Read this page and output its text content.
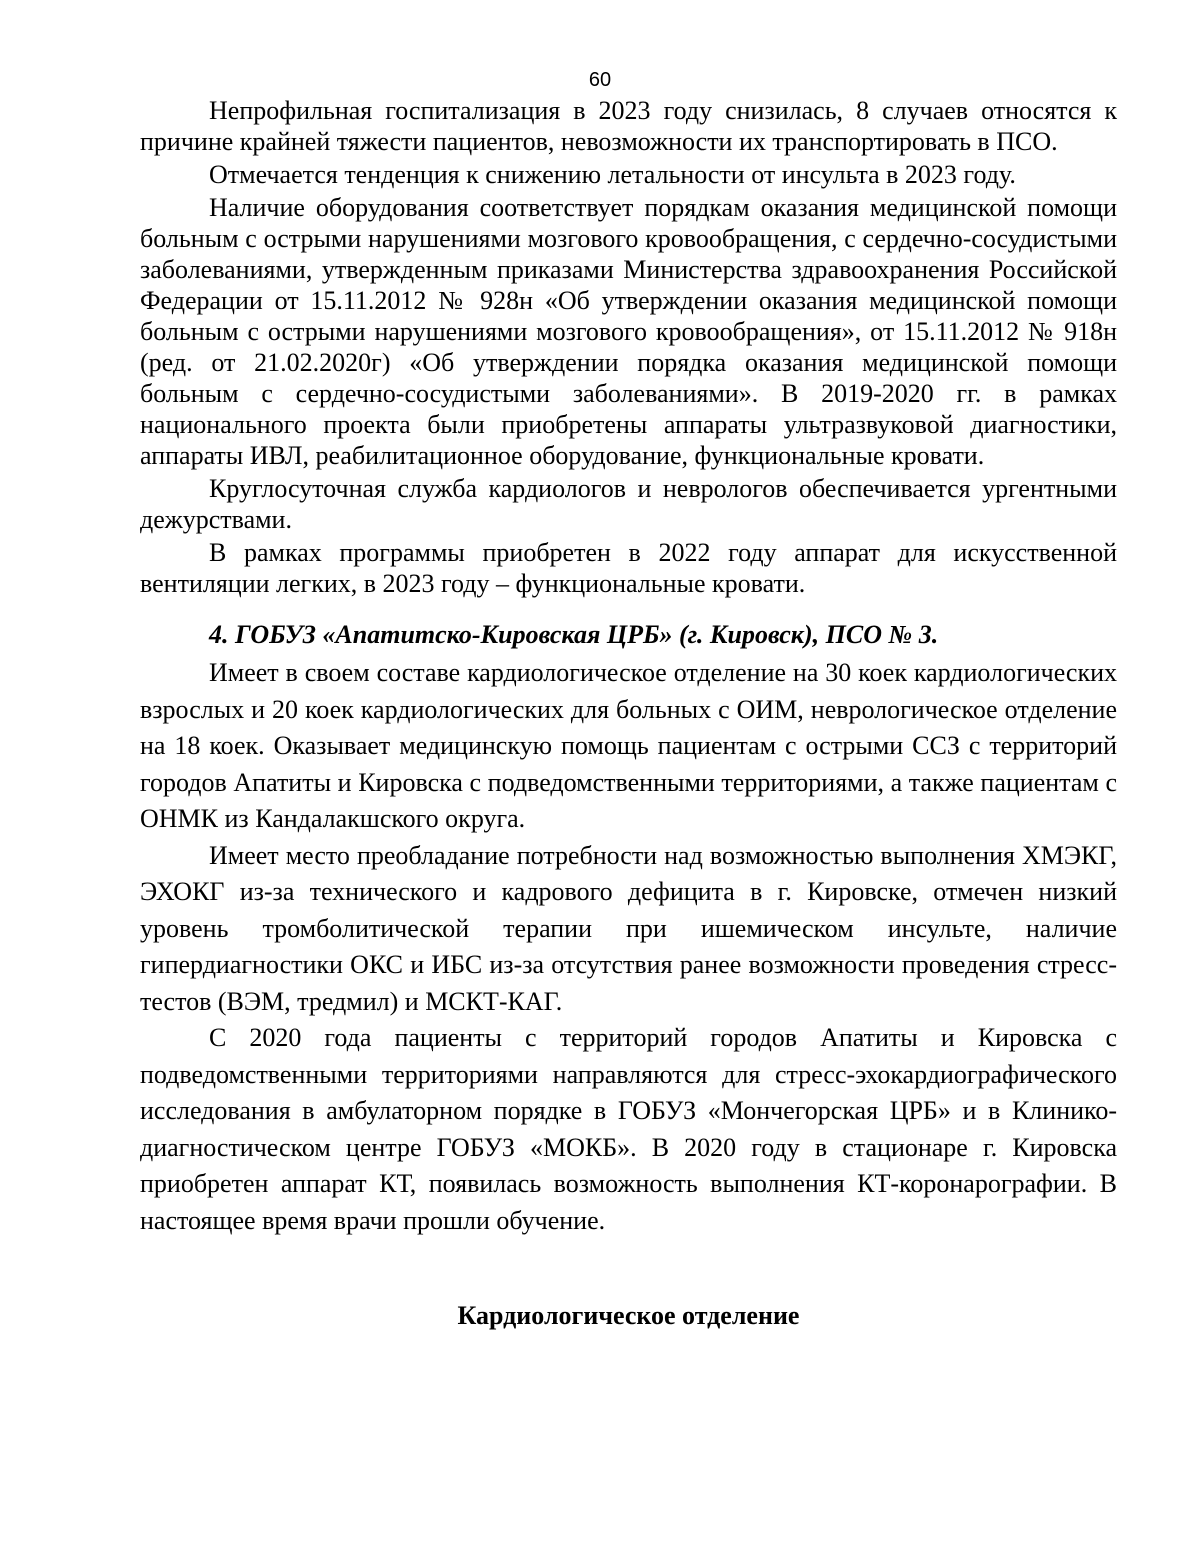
60

Непрофильная госпитализация в 2023 году снизилась, 8 случаев относятся к причине крайней тяжести пациентов, невозможности их транспортировать в ПСО.

Отмечается тенденция к снижению летальности от инсульта в 2023 году.

Наличие оборудования соответствует порядкам оказания медицинской помощи больным с острыми нарушениями мозгового кровообращения, с сердечно-сосудистыми заболеваниями, утвержденным приказами Министерства здравоохранения Российской Федерации от 15.11.2012 № 928н «Об утверждении оказания медицинской помощи больным с острыми нарушениями мозгового кровообращения», от 15.11.2012 № 918н (ред. от 21.02.2020г) «Об утверждении порядка оказания медицинской помощи больным с сердечно-сосудистыми заболеваниями». В 2019-2020 гг. в рамках национального проекта были приобретены аппараты ультразвуковой диагностики, аппараты ИВЛ, реабилитационное оборудование, функциональные кровати.

Круглосуточная служба кардиологов и неврологов обеспечивается ургентными дежурствами.

В рамках программы приобретен в 2022 году аппарат для искусственной вентиляции легких, в 2023 году – функциональные кровати.

4. ГОБУЗ «Апатитско-Кировская ЦРБ» (г. Кировск), ПСО № 3.

Имеет в своем составе кардиологическое отделение на 30 коек кардиологических взрослых и 20 коек кардиологических для больных с ОИМ, неврологическое отделение на 18 коек. Оказывает медицинскую помощь пациентам с острыми ССЗ с территорий городов Апатиты и Кировска с подведомственными территориями, а также пациентам с ОНМК из Кандалакшского округа.

Имеет место преобладание потребности над возможностью выполнения ХМЭКГ, ЭХОКГ из-за технического и кадрового дефицита в г. Кировске, отмечен низкий уровень тромболитической терапии при ишемическом инсульте, наличие гипердиагностики ОКС и ИБС из-за отсутствия ранее возможности проведения стресс-тестов (ВЭМ, тредмил) и МСКТ-КАГ.

С 2020 года пациенты с территорий городов Апатиты и Кировска с подведомственными территориями направляются для стресс-эхокардиографического исследования в амбулаторном порядке в ГОБУЗ «Мончегорская ЦРБ» и в Клинико-диагностическом центре ГОБУЗ «МОКБ». В 2020 году в стационаре г. Кировска приобретен аппарат КТ, появилась возможность выполнения КТ-коронарографии. В настоящее время врачи прошли обучение.

Кардиологическое отделение
